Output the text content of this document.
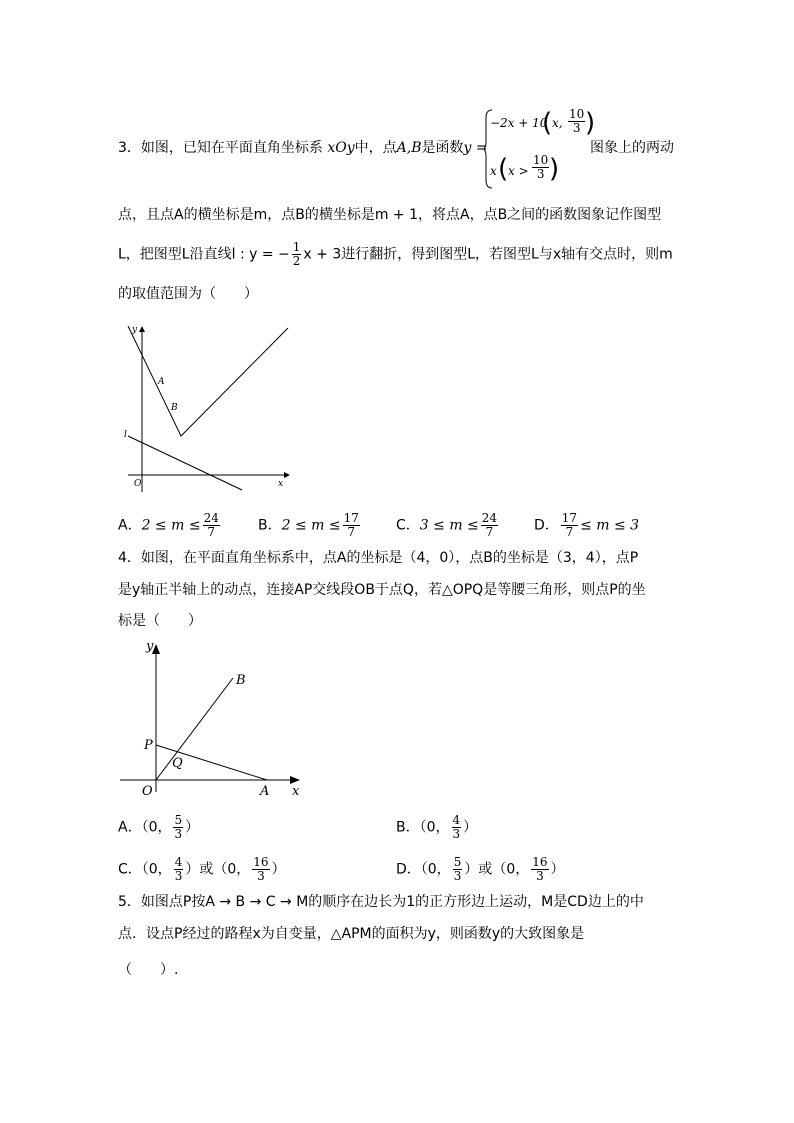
3．如图，已知在平面直角坐标系 xOy中，点A,B是函数y =
−2x + 10
( x, $\frac{10}{3}$ )
x ( $x > \frac{10}{3}$ )
图象上的两动
点，且点A的横坐标是m，点B的横坐标是m + 1，将点A，点B之间的函数图象记作图型
L，把图型L沿直线l : y = − $\frac{1}{2}$ x + 3进行翻折，得到图型L，若图型L与x轴有交点时，则m
的取值范围为（　　）
y
A
B
l
O	x
A．$2 \le m \le \frac{24}{7}$	B．$2 \le m \le \frac{17}{7}$	C．$3 \le m \le \frac{24}{7}$	D． $\frac{17}{7} \le m \le 3$
4．如图，在平面直角坐标系中，点A的坐标是（4，0），点B的坐标是（3，4），点P
是y轴正半轴上的动点，连接AP交线段OB于点Q，若△OPQ是等腰三角形，则点P的坐
标是（　　）
y
B
P
Q
O	A x
A．（0， $\frac{5}{3}$ ）	B．（0， $\frac{4}{3}$ ）
C．（0， $\frac{4}{3}$ ）或（0， $\frac{16}{3}$ ）	D．（0， $\frac{5}{3}$ ）或（0， $\frac{16}{3}$ ）
5．如图点P按A → B → C → M的顺序在边长为1的正方形边上运动，M是CD边上的中
点．设点P经过的路程x为自变量，△APM的面积为y，则函数y的大致图象是
（　　）.
